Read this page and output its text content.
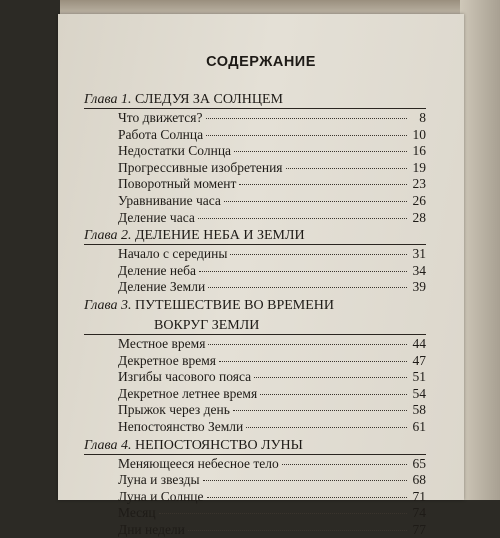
СОДЕРЖАНИЕ
Глава 1. СЛЕДУЯ ЗА СОЛНЦЕМ
Что движется?	8
Работа Солнца	10
Недостатки Солнца	16
Прогрессивные изобретения	19
Поворотный момент	23
Уравнивание часа	26
Деление часа	28
Глава 2. ДЕЛЕНИЕ НЕБА И ЗЕМЛИ
Начало с середины	31
Деление неба	34
Деление Земли	39
Глава 3. ПУТЕШЕСТВИЕ ВО ВРЕМЕНИ
ВОКРУГ ЗЕМЛИ
Местное время	44
Декретное время	47
Изгибы часового пояса	51
Декретное летнее время	54
Прыжок через день	58
Непостоянство Земли	61
Глава 4. НЕПОСТОЯНСТВО ЛУНЫ
Меняющееся небесное тело	65
Луна и звезды	68
Луна и Солнце	71
Месяц	74
Дни недели	77
